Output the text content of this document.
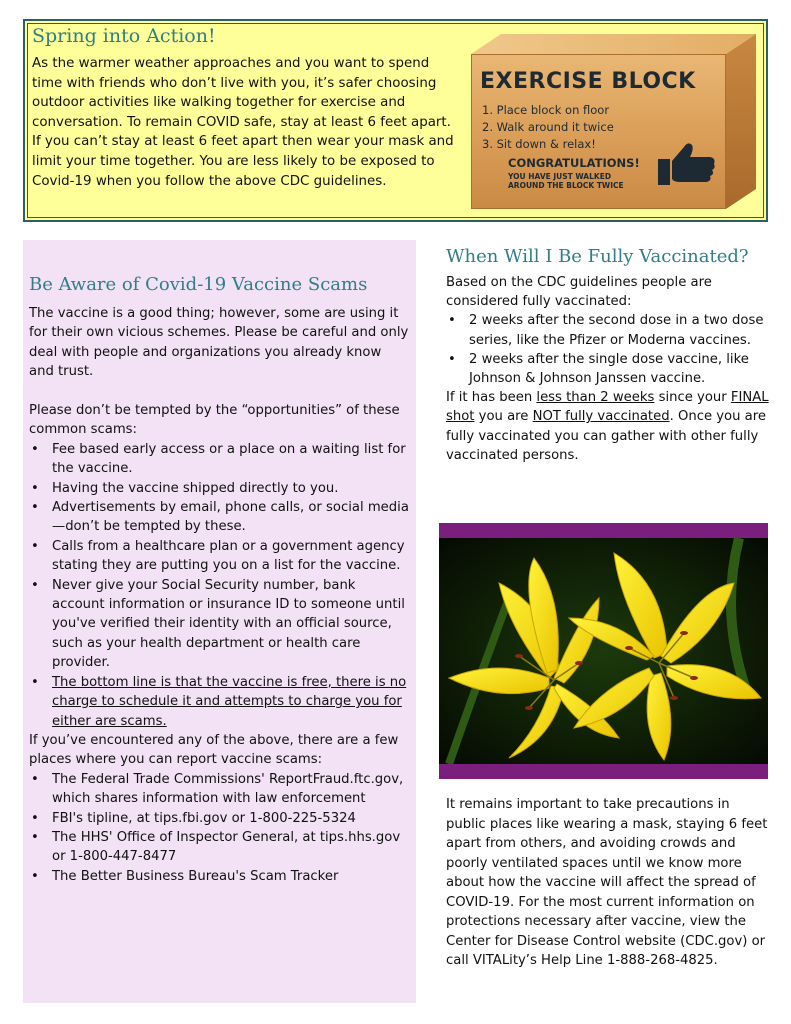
Spring into Action!

As the warmer weather approaches and you want to spend time with friends who don’t live with you, it’s safer choosing outdoor activities like walking together for exercise and conversation. To remain COVID safe, stay at least 6 feet apart. If you can’t stay at least 6 feet apart then wear your mask and limit your time together. You are less likely to be exposed to Covid-19 when you follow the above CDC guidelines.

EXERCISE BLOCK
1. Place block on floor
2. Walk around it twice
3. Sit down & relax!
CONGRATULATIONS!
YOU HAVE JUST WALKED
AROUND THE BLOCK TWICE
Be Aware of Covid-19 Vaccine Scams

The vaccine is a good thing; however, some are using it for their own vicious schemes. Please be careful and only deal with people and organizations you already know and trust.

Please don’t be tempted by the “opportunities” of these common scams:

• Fee based early access or a place on a waiting list for the vaccine.
• Having the vaccine shipped directly to you.
• Advertisements by email, phone calls, or social media—don’t be tempted by these.
• Calls from a healthcare plan or a government agency stating they are putting you on a list for the vaccine.
• Never give your Social Security number, bank account information or insurance ID to someone until you've verified their identity with an official source, such as your health department or health care provider.
• The bottom line is that the vaccine is free, there is no charge to schedule it and attempts to charge you for either are scams.

If you’ve encountered any of the above, there are a few places where you can report vaccine scams:

• The Federal Trade Commissions' ReportFraud.ftc.gov, which shares information with law enforcement
• FBI's tipline, at tips.fbi.gov or 1-800-225-5324
• The HHS' Office of Inspector General, at tips.hhs.gov or 1-800-447-8477
• The Better Business Bureau's Scam Tracker
When Will I Be Fully Vaccinated?

Based on the CDC guidelines people are considered fully vaccinated:

• 2 weeks after the second dose in a two dose series, like the Pfizer or Moderna vaccines.
• 2 weeks after the single dose vaccine, like Johnson & Johnson Janssen vaccine.

If it has been less than 2 weeks since your FINAL shot you are NOT fully vaccinated. Once you are fully vaccinated you can gather with other fully vaccinated persons.

It remains important to take precautions in public places like wearing a mask, staying 6 feet apart from others, and avoiding crowds and poorly ventilated spaces until we know more about how the vaccine will affect the spread of COVID-19. For the most current information on protections necessary after vaccine, view the Center for Disease Control website (CDC.gov) or call VITALity’s Help Line 1-888-268-4825.
